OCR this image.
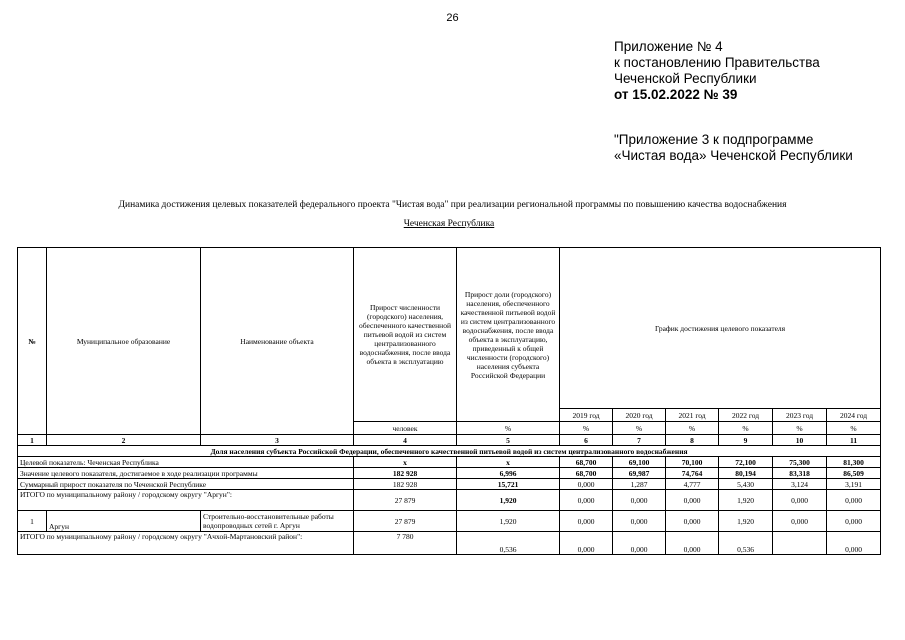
26
Приложение № 4
к постановлению Правительства
Чеченской Республики
от 15.02.2022 № 39
"Приложение 3 к подпрограмме
«Чистая вода» Чеченской Республики
Динамика достижения целевых показателей федерального проекта "Чистая вода" при реализации региональной программы по повышению качества водоснабжения
Чеченская Республика
№	Муниципальное образование	Наименование объекта	Прирост численности (городского) населения, обеспеченного качественной питьевой водой из систем централизованного водоснабжения, после ввода объекта в эксплуатацию	Прирост доли (городского) населения, обеспеченного качественной питьевой водой из систем централизованного водоснабжения, после ввода объекта в эксплуатацию, приведенный к общей численности (городского) населения субъекта Российской Федерации	График достижения целевого показателя					
					2019 год	2020 год	2021 год	2022 год	2023 год	2024 год
			человек	%	%	%	%	%	%	%
1	2	3	4	5	6	7	8	9	10	11
Доля населения субъекта Российской Федерации, обеспеченного качественной питьевой водой из систем централизованного водоснабжения										
Целевой показатель: Чеченская Республика			x	x	68,700	69,100	70,100	72,100	75,300	81,300
Значение целевого показателя, достигаемое в ходе реализации программы			182 928	6,996	68,700	69,987	74,764	80,194	83,318	86,509
Суммарный прирост показателя по Чеченской Республике			182 928	15,721	0,000	1,287	4,777	5,430	3,124	3,191
ИТОГО по муниципальному району / городскому округу "Аргун":			27 879	1,920	0,000	0,000	0,000	1,920	0,000	0,000
1	Аргун	Строительно-восстановительные работы водопроводных сетей г. Аргун	27 879	1,920	0,000	0,000	0,000	1,920	0,000	0,000
ИТОГО по муниципальному району / городскому округу "Ачхой-Мартановский район":			7 780	0,536	0,000	0,000	0,000	0,536		0,000
